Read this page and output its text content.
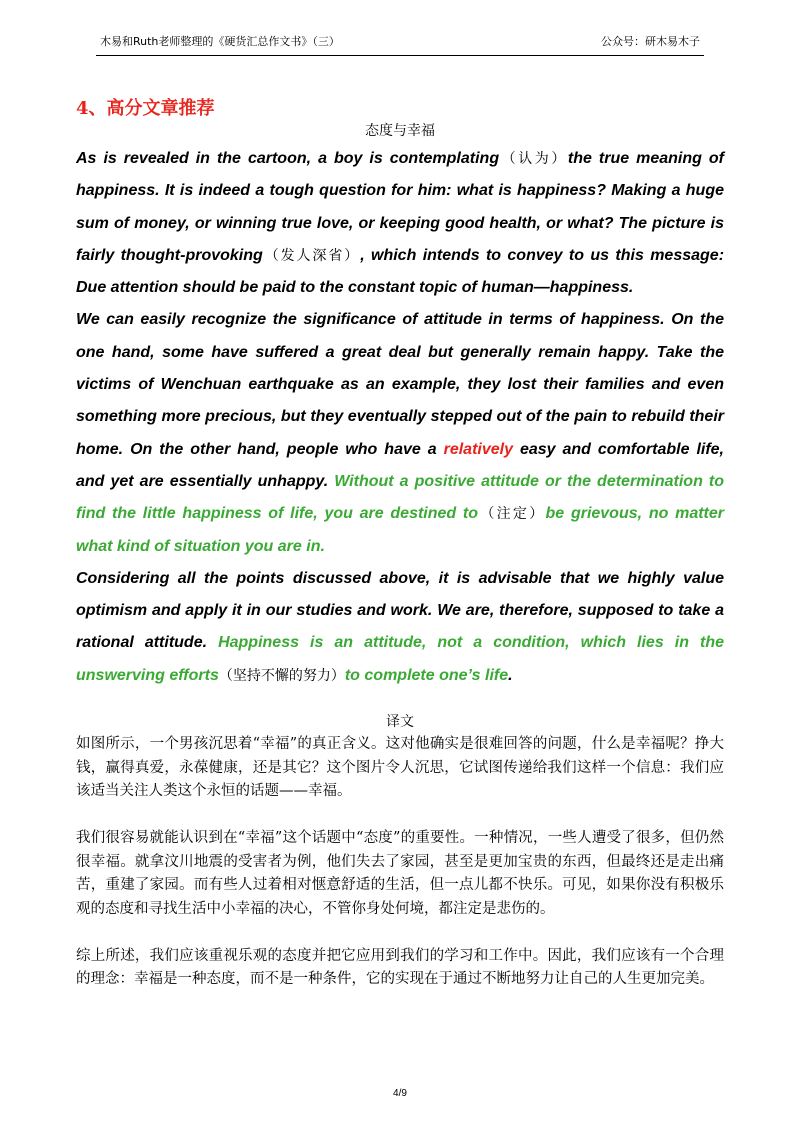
木易和Ruth老师整理的《硬货汇总作文书》（三）	公众号：研木易木子
4、高分文章推荐
态度与幸福

As is revealed in the cartoon, a boy is contemplating（认为）the true meaning of happiness. It is indeed a tough question for him: what is happiness? Making a huge sum of money, or winning true love, or keeping good health, or what? The picture is fairly thought-provoking（发人深省）, which intends to convey to us this message: Due attention should be paid to the constant topic of human—happiness.

We can easily recognize the significance of attitude in terms of happiness. On the one hand, some have suffered a great deal but generally remain happy. Take the victims of Wenchuan earthquake as an example, they lost their families and even something more precious, but they eventually stepped out of the pain to rebuild their home. On the other hand, people who have a relatively easy and comfortable life, and yet are essentially unhappy. Without a positive attitude or the determination to find the little happiness of life, you are destined to（注定）be grievous, no matter what kind of situation you are in.

Considering all the points discussed above, it is advisable that we highly value optimism and apply it in our studies and work. We are, therefore, supposed to take a rational attitude. Happiness is an attitude, not a condition, which lies in the unswerving efforts（坚持不懈的努力）to complete one’s life.

译文

如图所示，一个男孩沉思着“幸福”的真正含义。这对他确实是很难回答的问题，什么是幸福呢？挣大钱，赢得真爱，永葆健康，还是其它？这个图片令人沉思，它试图传递给我们这样一个信息：我们应该适当关注人类这个永恒的话题——幸福。

我们很容易就能认识到在“幸福”这个话题中“态度”的重要性。一种情况，一些人遭受了很多，但仍然很幸福。就拿汶川地震的受害者为例，他们失去了家园，甚至是更加宝贵的东西，但最终还是走出痛苦，重建了家园。而有些人过着相对惬意舒适的生活，但一点儿都不快乐。可见，如果你没有积极乐观的态度和寻找生活中小幸福的决心，不管你身处何境，都注定是悲伤的。

综上所述，我们应该重视乐观的态度并把它应用到我们的学习和工作中。因此，我们应该有一个合理的理念：幸福是一种态度，而不是一种条件，它的实现在于通过不断地努力让自己的人生更加完美。

4/9
